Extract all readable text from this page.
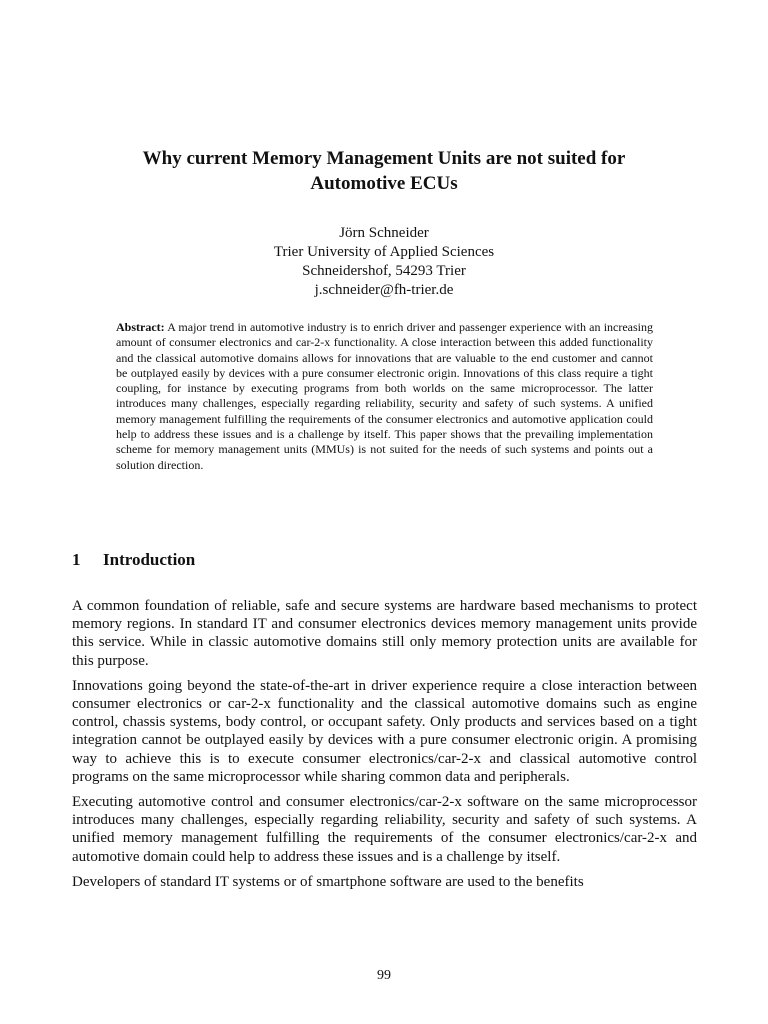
Why current Memory Management Units are not suited for
Automotive ECUs
Jörn Schneider
Trier University of Applied Sciences
Schneidershof, 54293 Trier
j.schneider@fh-trier.de
Abstract: A major trend in automotive industry is to enrich driver and passenger experience with an increasing amount of consumer electronics and car-2-x functionality. A close interaction between this added functionality and the classical automotive domains allows for innovations that are valuable to the end customer and cannot be outplayed easily by devices with a pure consumer electronic origin. Innovations of this class require a tight coupling, for instance by executing programs from both worlds on the same microprocessor. The latter introduces many challenges, especially regarding reliability, security and safety of such systems. A unified memory management fulfilling the requirements of the consumer electronics and automotive application could help to address these issues and is a challenge by itself. This paper shows that the prevailing implementation scheme for memory management units (MMUs) is not suited for the needs of such systems and points out a solution direction.
1 Introduction

A common foundation of reliable, safe and secure systems are hardware based mechanisms to protect memory regions. In standard IT and consumer electronics devices memory management units provide this service. While in classic automotive domains still only memory protection units are available for this purpose.

Innovations going beyond the state-of-the-art in driver experience require a close interaction between consumer electronics or car-2-x functionality and the classical automotive domains such as engine control, chassis systems, body control, or occupant safety. Only products and services based on a tight integration cannot be outplayed easily by devices with a pure consumer electronic origin. A promising way to achieve this is to execute consumer electronics/car-2-x and classical automotive control programs on the same microprocessor while sharing common data and peripherals.

Executing automotive control and consumer electronics/car-2-x software on the same microprocessor introduces many challenges, especially regarding reliability, security and safety of such systems. A unified memory management fulfilling the requirements of the consumer electronics/car-2-x and automotive domain could help to address these issues and is a challenge by itself.

Developers of standard IT systems or of smartphone software are used to the benefits

99
